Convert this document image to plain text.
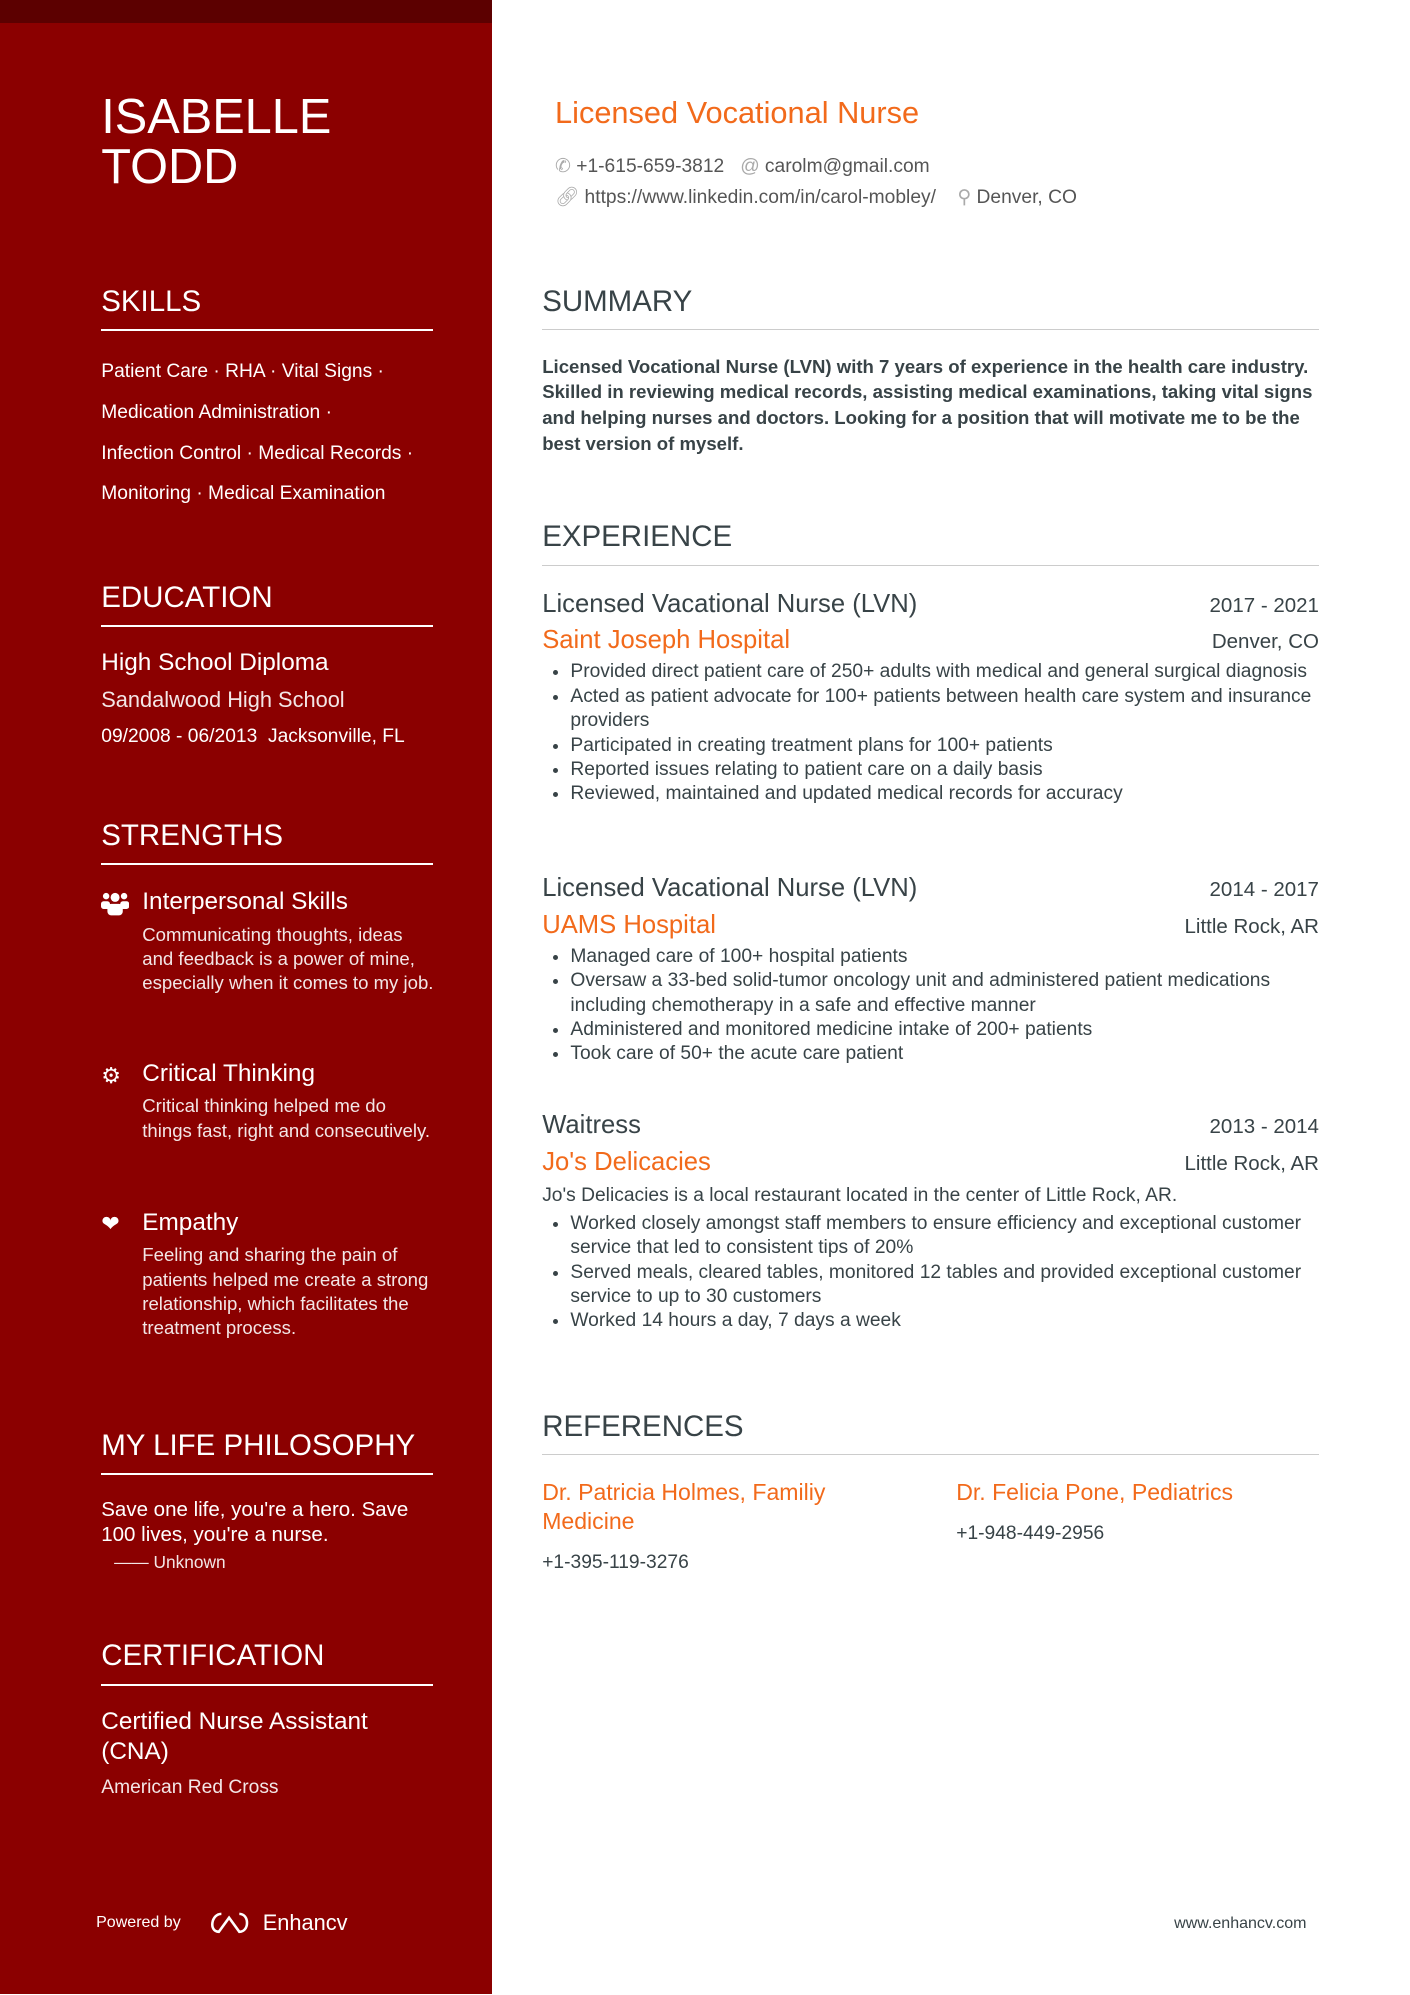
ISABELLE
TODD
SKILLS
Patient Care · RHA · Vital Signs ·
Medication Administration ·
Infection Control · Medical Records ·
Monitoring · Medical Examination
EDUCATION
High School Diploma
Sandalwood High School
09/2008 - 06/2013 Jacksonville, FL
STRENGTHS
Interpersonal Skills
Communicating thoughts, ideas and feedback is a power of mine, especially when it comes to my job.
⚙	Critical Thinking
Critical thinking helped me do things fast, right and consecutively.
❤	Empathy
Feeling and sharing the pain of patients helped me create a strong relationship, which facilitates the treatment process.
MY LIFE PHILOSOPHY
Save one life, you're a hero. Save 100 lives, you're a nurse.
—— Unknown
CERTIFICATION
Certified Nurse Assistant (CNA)
American Red Cross
Powered by	Enhancv
Licensed Vocational Nurse
✆ +1-615-659-3812 @ carolm@gmail.com
🔗︎ https://www.linkedin.com/in/carol-mobley/ ⚲ Denver, CO
SUMMARY
Licensed Vocational Nurse (LVN) with 7 years of experience in the health care industry. Skilled in reviewing medical records, assisting medical examinations, taking vital signs and helping nurses and doctors. Looking for a position that will motivate me to be the best version of myself.
EXPERIENCE
Licensed Vacational Nurse (LVN)	2017 - 2021
Saint Joseph Hospital	Denver, CO
• Provided direct patient care of 250+ adults with medical and general surgical diagnosis
• Acted as patient advocate for 100+ patients between health care system and insurance providers
• Participated in creating treatment plans for 100+ patients
• Reported issues relating to patient care on a daily basis
• Reviewed, maintained and updated medical records for accuracy
Licensed Vacational Nurse (LVN)	2014 - 2017
UAMS Hospital	Little Rock, AR
• Managed care of 100+ hospital patients
• Oversaw a 33-bed solid-tumor oncology unit and administered patient medications including chemotherapy in a safe and effective manner
• Administered and monitored medicine intake of 200+ patients
• Took care of 50+ the acute care patient
Waitress	2013 - 2014
Jo's Delicacies	Little Rock, AR
Jo's Delicacies is a local restaurant located in the center of Little Rock, AR.
• Worked closely amongst staff members to ensure efficiency and exceptional customer service that led to consistent tips of 20%
• Served meals, cleared tables, monitored 12 tables and provided exceptional customer service to up to 30 customers
• Worked 14 hours a day, 7 days a week
REFERENCES
Dr. Patricia Holmes, Familiy Medicine
+1-395-119-3276
Dr. Felicia Pone, Pediatrics
+1-948-449-2956
www.enhancv.com
